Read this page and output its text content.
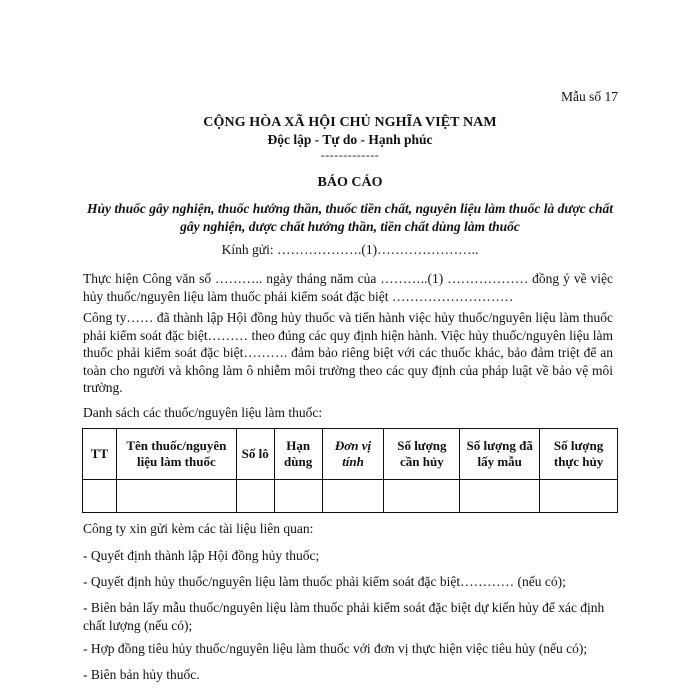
Mẫu số 17
CỘNG HÒA XÃ HỘI CHỦ NGHĨA VIỆT NAM
Độc lập - Tự do - Hạnh phúc
-------------
BÁO CÁO
Hủy thuốc gây nghiện, thuốc hướng thần, thuốc tiền chất, nguyên liệu làm thuốc là dược chất gây nghiện, dược chất hướng thần, tiền chất dùng làm thuốc
Kính gửi: ……………….(1)…………………..
Thực hiện Công văn số ……….. ngày tháng năm của ………..(1) ……………… đồng ý về việc hủy thuốc/nguyên liệu làm thuốc phải kiểm soát đặc biệt ………………………
Công ty…… đã thành lập Hội đồng hủy thuốc và tiến hành việc hủy thuốc/nguyên liệu làm thuốc phải kiểm soát đặc biệt……… theo đúng các quy định hiện hành. Việc hủy thuốc/nguyên liệu làm thuốc phải kiểm soát đặc biệt………. đảm bảo riêng biệt với các thuốc khác, bảo đảm triệt để an toàn cho người và không làm ô nhiễm môi trường theo các quy định của pháp luật về bảo vệ môi trường.
Danh sách các thuốc/nguyên liệu làm thuốc:
TT	Tên thuốc/nguyên liệu làm thuốc	Số lô	Hạn dùng	Đơn vị tính	Số lượng cần hủy	Số lượng đã lấy mẫu	Số lượng thực hủy

Công ty xin gửi kèm các tài liệu liên quan:
- Quyết định thành lập Hội đồng hủy thuốc;
- Quyết định hủy thuốc/nguyên liệu làm thuốc phải kiểm soát đặc biệt………… (nếu có);
- Biên bản lấy mẫu thuốc/nguyên liệu làm thuốc phải kiểm soát đặc biệt dự kiến hủy để xác định chất lượng (nếu có);
- Hợp đồng tiêu hủy thuốc/nguyên liệu làm thuốc với đơn vị thực hiện việc tiêu hủy (nếu có);
- Biên bản hủy thuốc.
